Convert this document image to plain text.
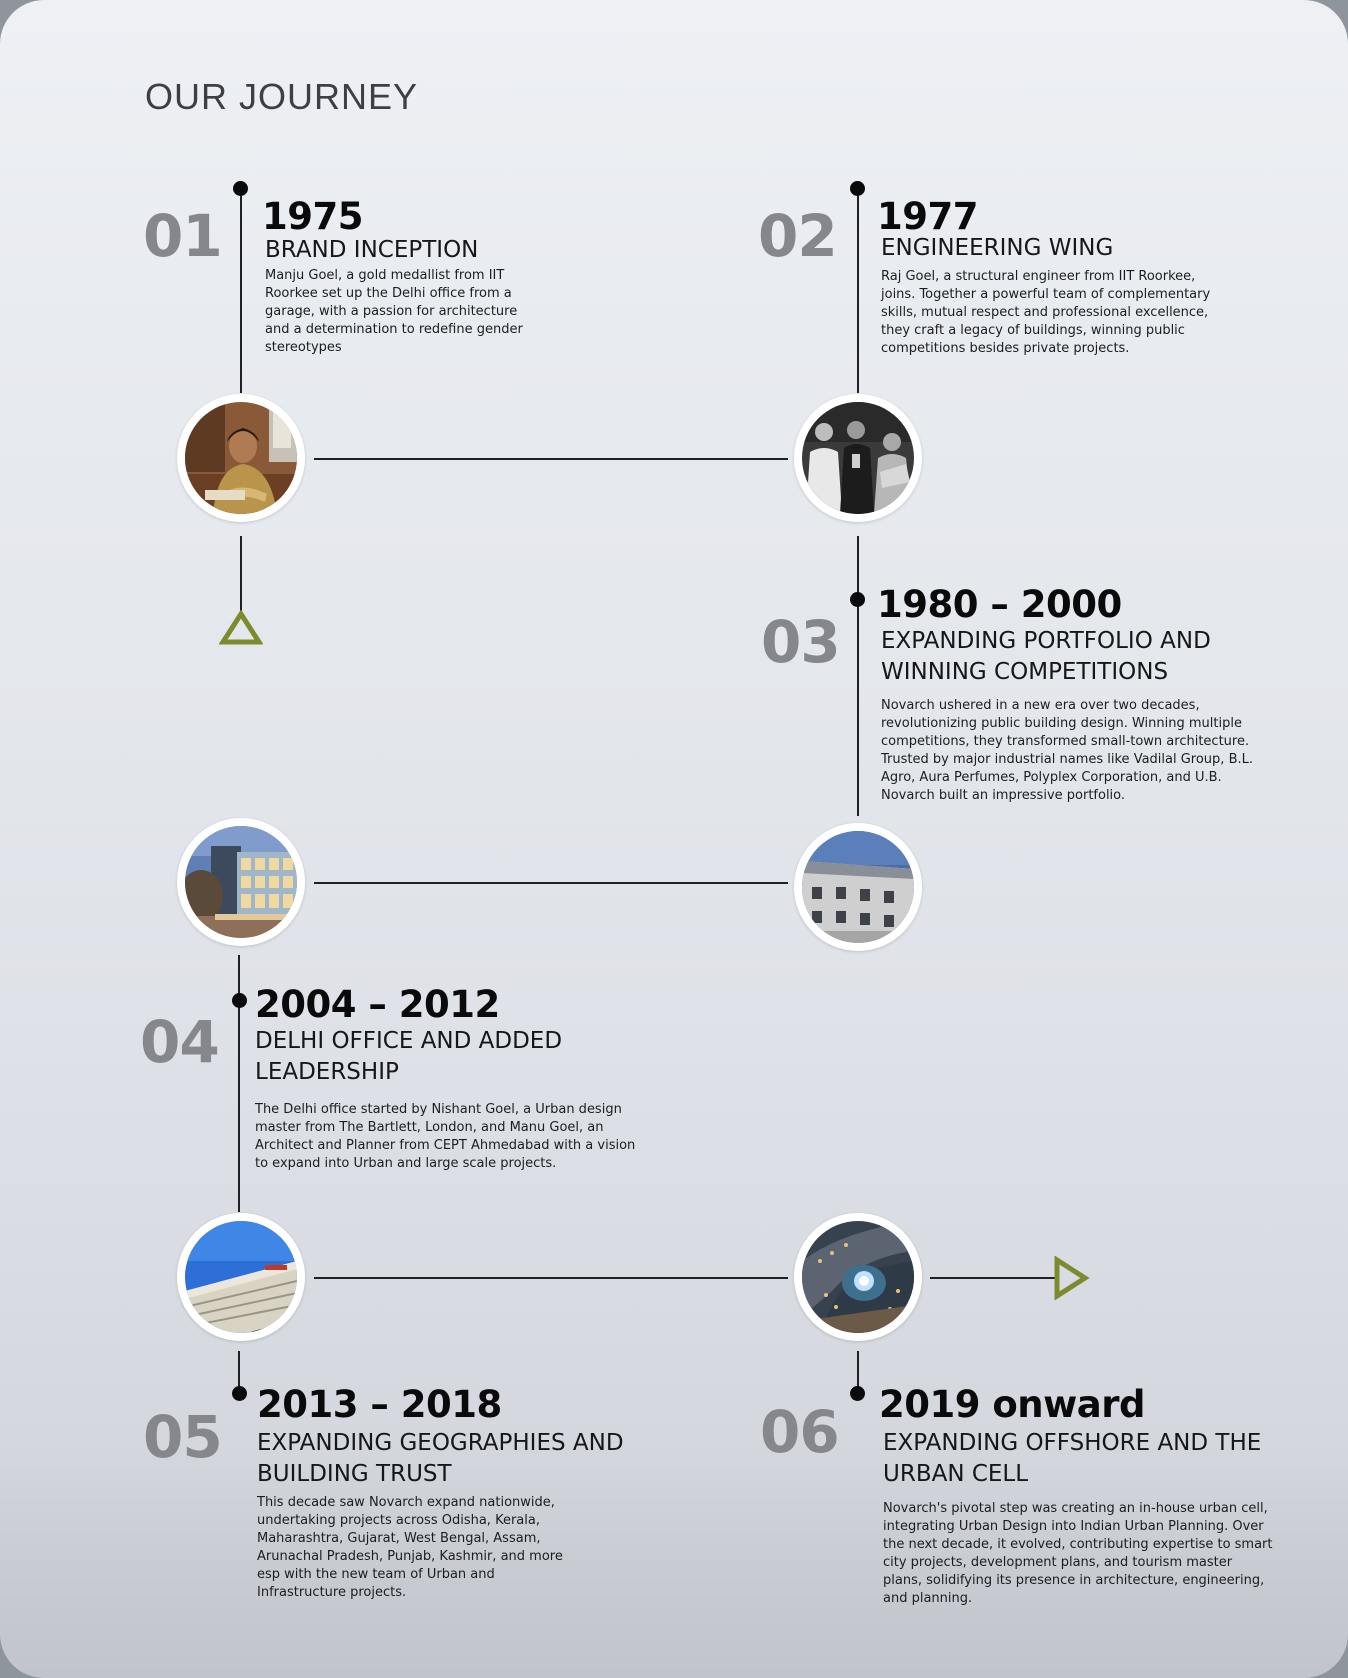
OUR JOURNEY
01 1975
BRAND INCEPTION
Manju Goel, a gold medallist from IIT Roorkee set up the Delhi office from a garage, with a passion for architecture and a determination to redefine gender stereotypes
02 1977
ENGINEERING WING
Raj Goel, a structural engineer from IIT Roorkee, joins. Together a powerful team of complementary skills, mutual respect and professional excellence, they craft a legacy of buildings, winning public competitions besides private projects.
03
1980 – 2000
EXPANDING PORTFOLIO AND WINNING COMPETITIONS
Novarch ushered in a new era over two decades, revolutionizing public building design. Winning multiple competitions, they transformed small-town architecture. Trusted by major industrial names like Vadilal Group, B.L. Agro, Aura Perfumes, Polyplex Corporation, and U.B. Novarch built an impressive portfolio.
04
2004 – 2012
DELHI OFFICE AND ADDED LEADERSHIP
The Delhi office started by Nishant Goel, a Urban design master from The Bartlett, London, and Manu Goel, an Architect and Planner from CEPT Ahmedabad with a vision to expand into Urban and large scale projects.
05 2013 – 2018
EXPANDING GEOGRAPHIES AND BUILDING TRUST
This decade saw Novarch expand nationwide, undertaking projects across Odisha, Kerala, Maharashtra, Gujarat, West Bengal, Assam, Arunachal Pradesh, Punjab, Kashmir, and more esp with the new team of Urban and Infrastructure projects.
06 2019 onward
EXPANDING OFFSHORE AND THE URBAN CELL
Novarch's pivotal step was creating an in-house urban cell, integrating Urban Design into Indian Urban Planning. Over the next decade, it evolved, contributing expertise to smart city projects, development plans, and tourism master plans, solidifying its presence in architecture, engineering, and planning.
